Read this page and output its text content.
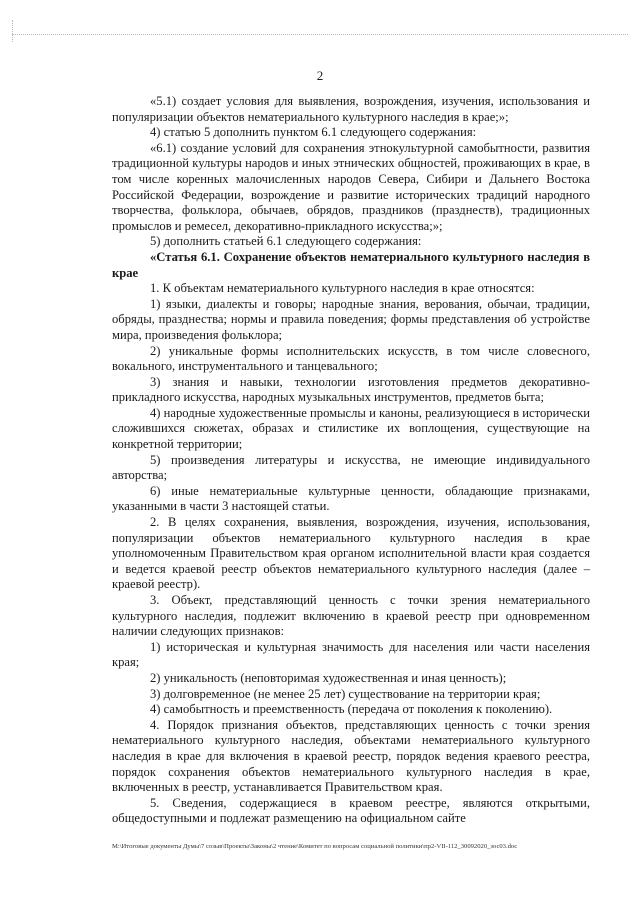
2

«5.1) создает условия для выявления, возрождения, изучения, использования и популяризации объектов нематериального культурного наследия в крае;»;

4) статью 5 дополнить пунктом 6.1 следующего содержания:

«6.1) создание условий для сохранения этнокультурной самобытности, развития традиционной культуры народов и иных этнических общностей, проживающих в крае, в том числе коренных малочисленных народов Севера, Сибири и Дальнего Востока Российской Федерации, возрождение и развитие исторических традиций народного творчества, фольклора, обычаев, обрядов, праздников (празднеств), традиционных промыслов и ремесел, декоративно-прикладного искусства;»;

5) дополнить статьей 6.1 следующего содержания:

«Статья 6.1. Сохранение объектов нематериального культурного наследия в крае

1. К объектам нематериального культурного наследия в крае относятся:

1) языки, диалекты и говоры; народные знания, верования, обычаи, традиции, обряды, празднества; нормы и правила поведения; формы представления об устройстве мира, произведения фольклора;

2) уникальные формы исполнительских искусств, в том числе словесного, вокального, инструментального и танцевального;

3) знания и навыки, технологии изготовления предметов декоративно-прикладного искусства, народных музыкальных инструментов, предметов быта;

4) народные художественные промыслы и каноны, реализующиеся в исторически сложившихся сюжетах, образах и стилистике их воплощения, существующие на конкретной территории;

5) произведения литературы и искусства, не имеющие индивидуального авторства;

6) иные нематериальные культурные ценности, обладающие признаками, указанными в части 3 настоящей статьи.

2. В целях сохранения, выявления, возрождения, изучения, использования, популяризации объектов нематериального культурного наследия в крае уполномоченным Правительством края органом исполнительной власти края создается и ведется краевой реестр объектов нематериального культурного наследия (далее – краевой реестр).

3. Объект, представляющий ценность с точки зрения нематериального культурного наследия, подлежит включению в краевой реестр при одновременном наличии следующих признаков:

1) историческая и культурная значимость для населения или части населения края;

2) уникальность (неповторимая художественная и иная ценность);

3) долговременное (не менее 25 лет) существование на территории края;

4) самобытность и преемственность (передача от поколения к поколению).

4. Порядок признания объектов, представляющих ценность с точки зрения нематериального культурного наследия, объектами нематериального культурного наследия в крае для включения в краевой реестр, порядок ведения краевого реестра, порядок сохранения объектов нематериального культурного наследия в крае, включенных в реестр, устанавливается Правительством края.

5. Сведения, содержащиеся в краевом реестре, являются открытыми, общедоступными и подлежат размещению на официальном сайте

M:\Итоговые документы Думы\7 созыв\Проекты\Законы\2 чтение\Комитет по вопросам социальной политики\пр2-VII-112_30092020_зос03.doc
